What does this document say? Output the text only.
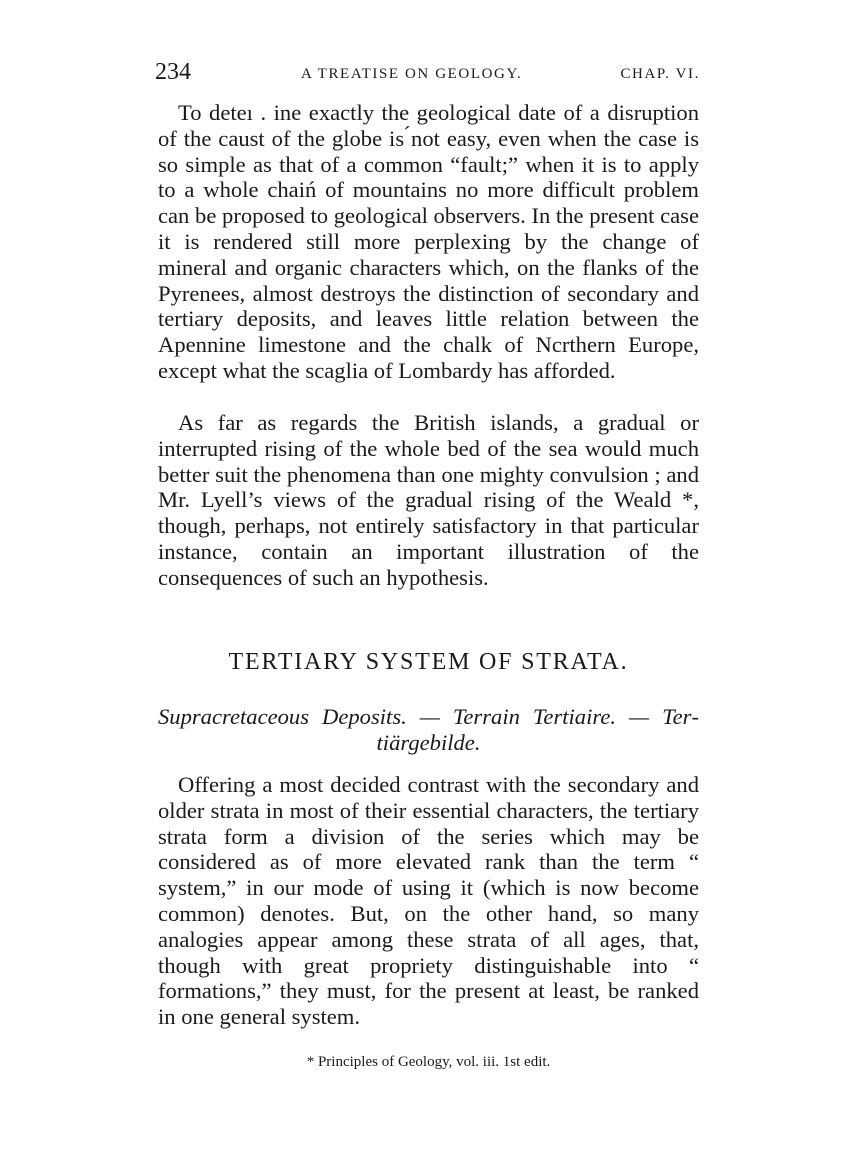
234	A TREATISE ON GEOLOGY.	CHAP. VI.

To deteı . ine exactly the geological date of a disruption of the caust of the globe is ́not easy, even when the case is so simple as that of a common “fault;” when it is to apply to a whole chaiń of mountains no more difficult problem can be proposed to geological observers. In the present case it is rendered still more perplexing by the change of mineral and organic characters which, on the flanks of the Pyrenees, almost destroys the distinction of secondary and tertiary deposits, and leaves little relation between the Apennine limestone and the chalk of Ncrthern Europe, except what the scaglia of Lombardy has afforded.

As far as regards the British islands, a gradual or interrupted rising of the whole bed of the sea would much better suit the phenomena than one mighty convulsion ; and Mr. Lyell’s views of the gradual rising of the Weald *, though, perhaps, not entirely satisfactory in that particular instance, contain an important illustration of the consequences of such an hypothesis.

TERTIARY SYSTEM OF STRATA.

Supracretaceous Deposits. — Terrain Tertiaire. — Tertiärgebilde.

Offering a most decided contrast with the secondary and older strata in most of their essential characters, the tertiary strata form a division of the series which may be considered as of more elevated rank than the term “ system,” in our mode of using it (which is now become common) denotes. But, on the other hand, so many analogies appear among these strata of all ages, that, though with great propriety distinguishable into “ formations,” they must, for the present at least, be ranked in one general system.

* Principles of Geology, vol. iii. 1st edit.
